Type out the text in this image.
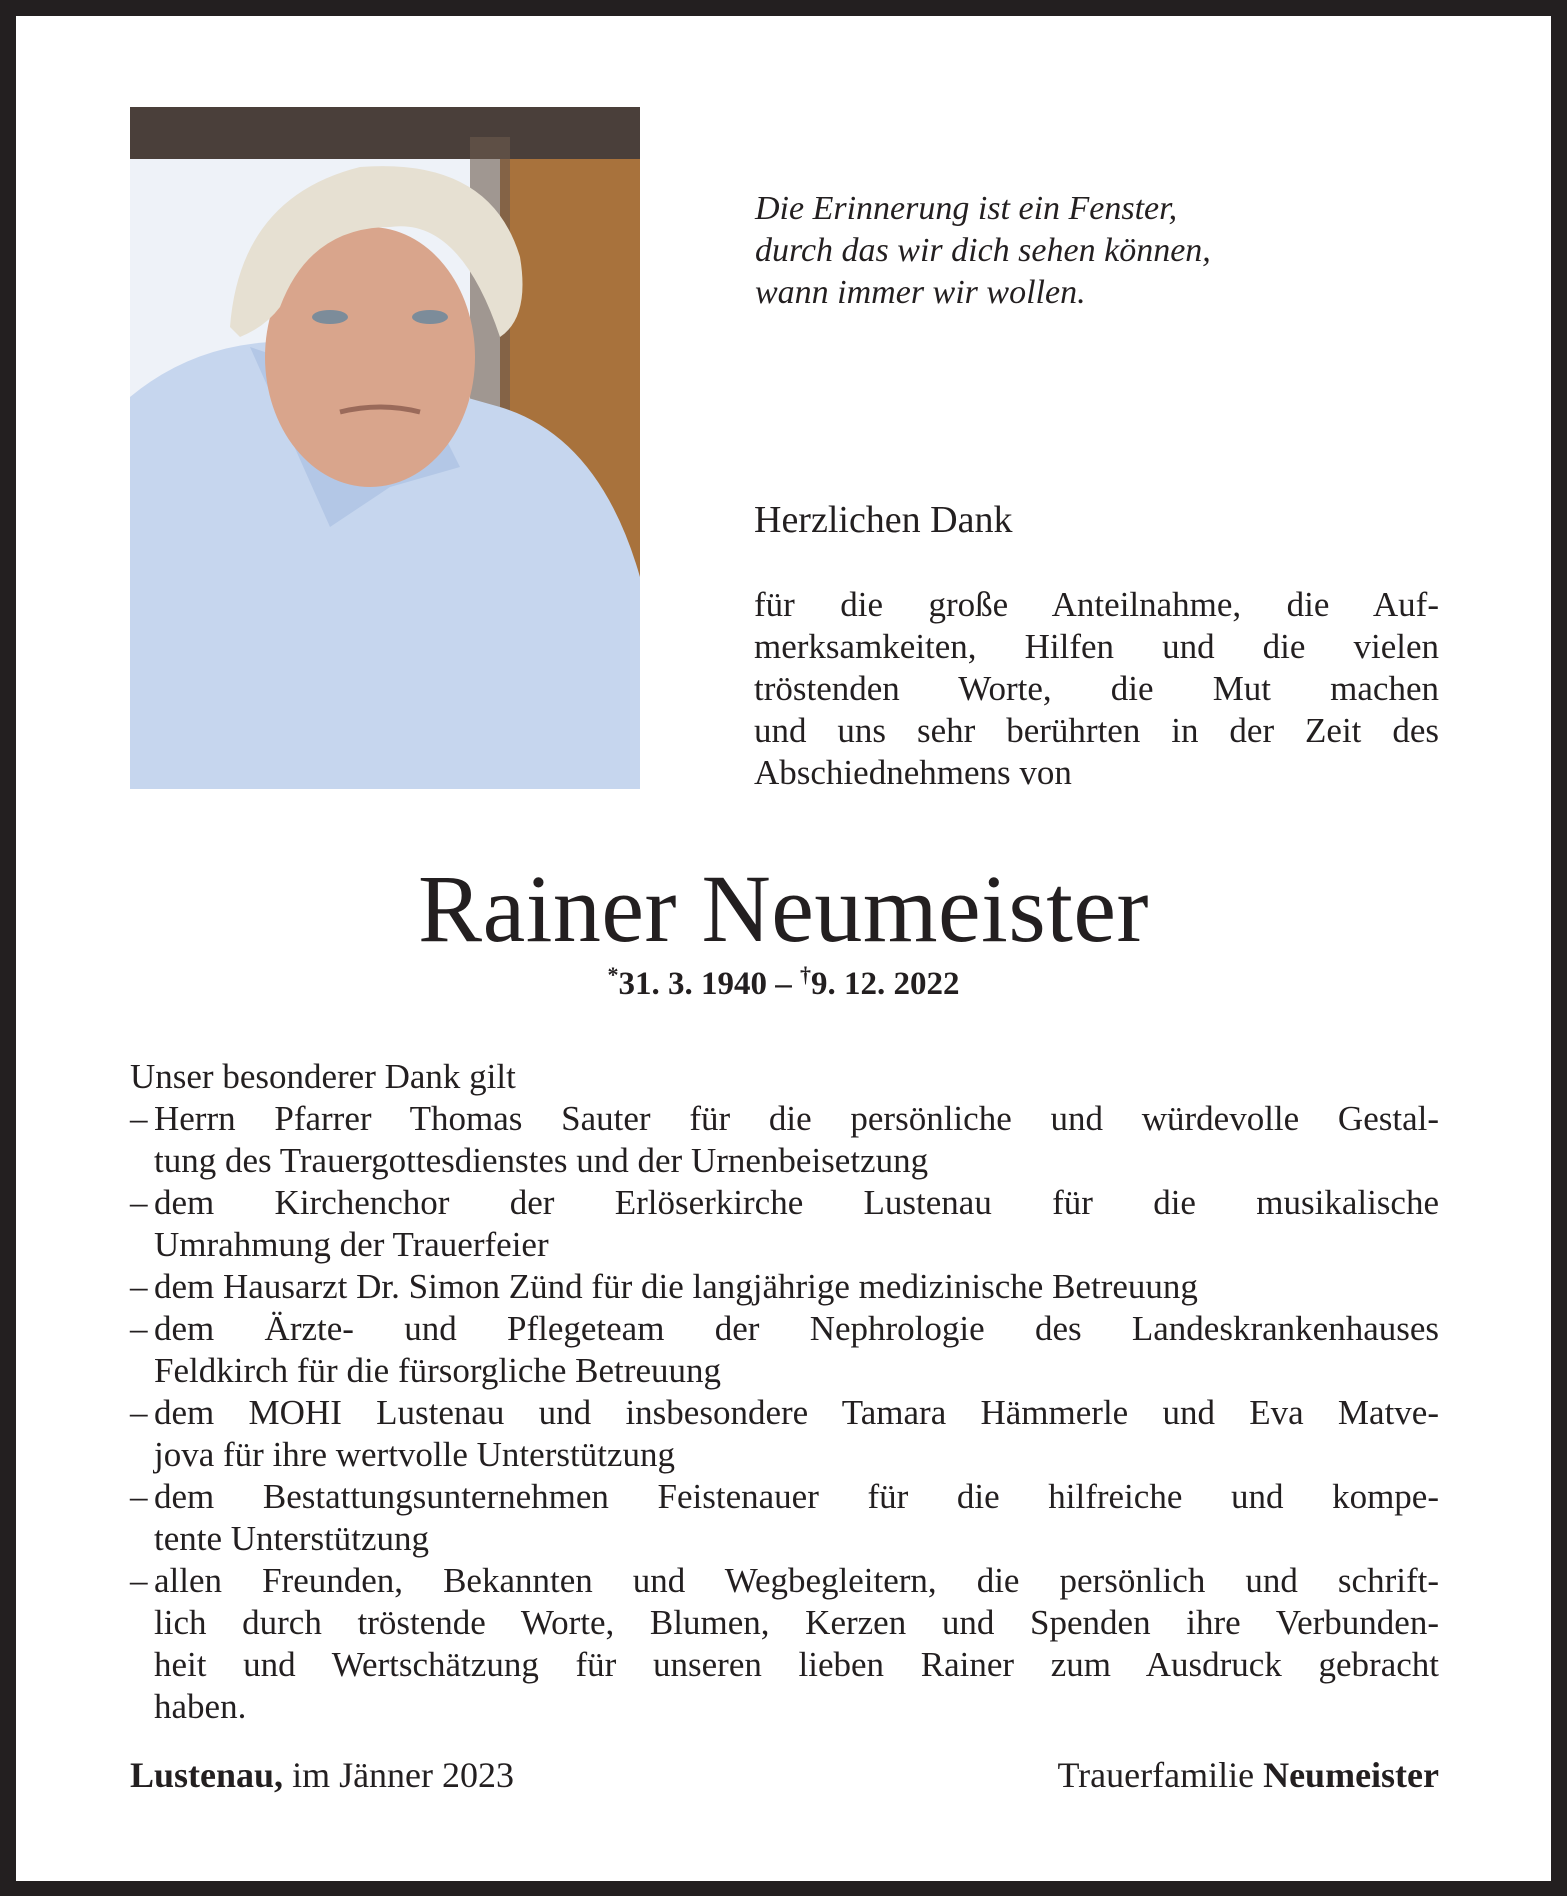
Die Erinnerung ist ein Fenster,
durch das wir dich sehen können,
wann immer wir wollen.
Herzlichen Dank
für die große Anteilnahme, die Auf-
merksamkeiten, Hilfen und die vielen
tröstenden Worte, die Mut machen
und uns sehr berührten in der Zeit des
Abschiednehmens von
Rainer Neumeister
*31. 3. 1940 – †9. 12. 2022
Unser besonderer Dank gilt
– Herrn Pfarrer Thomas Sauter für die persönliche und würdevolle Gestal-
tung des Trauergottesdienstes und der Urnenbeisetzung
– dem Kirchenchor der Erlöserkirche Lustenau für die musikalische
Umrahmung der Trauerfeier
– dem Hausarzt Dr. Simon Zünd für die langjährige medizinische Betreuung
– dem Ärzte- und Pflegeteam der Nephrologie des Landeskrankenhauses
Feldkirch für die fürsorgliche Betreuung
– dem MOHI Lustenau und insbesondere Tamara Hämmerle und Eva Matve-
jova für ihre wertvolle Unterstützung
– dem Bestattungsunternehmen Feistenauer für die hilfreiche und kompe-
tente Unterstützung
– allen Freunden, Bekannten und Wegbegleitern, die persönlich und schrift-
lich durch tröstende Worte, Blumen, Kerzen und Spenden ihre Verbunden-
heit und Wertschätzung für unseren lieben Rainer zum Ausdruck gebracht
haben.
Lustenau, im Jänner 2023	Trauerfamilie Neumeister
